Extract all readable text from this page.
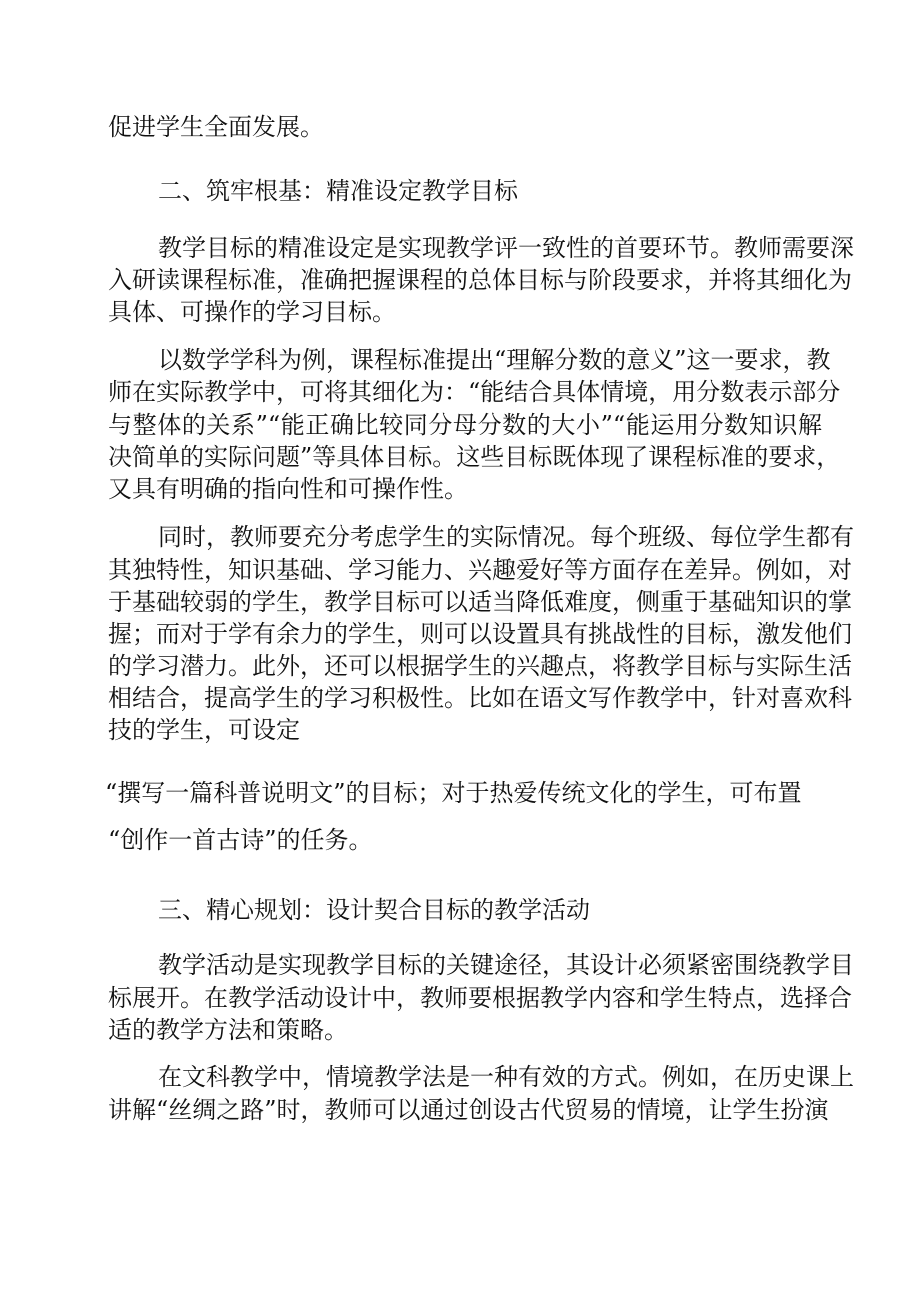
促进学生全面发展。
二、筑牢根基：精准设定教学目标
教学目标的精准设定是实现教学评一致性的首要环节。教师需要深
入研读课程标准，准确把握课程的总体目标与阶段要求，并将其细化为
具体、可操作的学习目标。
以数学学科为例，课程标准提出“理解分数的意义”这一要求，教
师在实际教学中，可将其细化为：“能结合具体情境，用分数表示部分
与整体的关系”“能正确比较同分母分数的大小”“能运用分数知识解
决简单的实际问题”等具体目标。这些目标既体现了课程标准的要求，
又具有明确的指向性和可操作性。
同时，教师要充分考虑学生的实际情况。每个班级、每位学生都有
其独特性，知识基础、学习能力、兴趣爱好等方面存在差异。例如，对
于基础较弱的学生，教学目标可以适当降低难度，侧重于基础知识的掌
握；而对于学有余力的学生，则可以设置具有挑战性的目标，激发他们
的学习潜力。此外，还可以根据学生的兴趣点，将教学目标与实际生活
相结合，提高学生的学习积极性。比如在语文写作教学中，针对喜欢科
技的学生，可设定
“撰写一篇科普说明文”的目标；对于热爱传统文化的学生，可布置
“创作一首古诗”的任务。
三、精心规划：设计契合目标的教学活动
教学活动是实现教学目标的关键途径，其设计必须紧密围绕教学目
标展开。在教学活动设计中，教师要根据教学内容和学生特点，选择合
适的教学方法和策略。
在文科教学中，情境教学法是一种有效的方式。例如，在历史课上
讲解“丝绸之路”时，教师可以通过创设古代贸易的情境，让学生扮演
